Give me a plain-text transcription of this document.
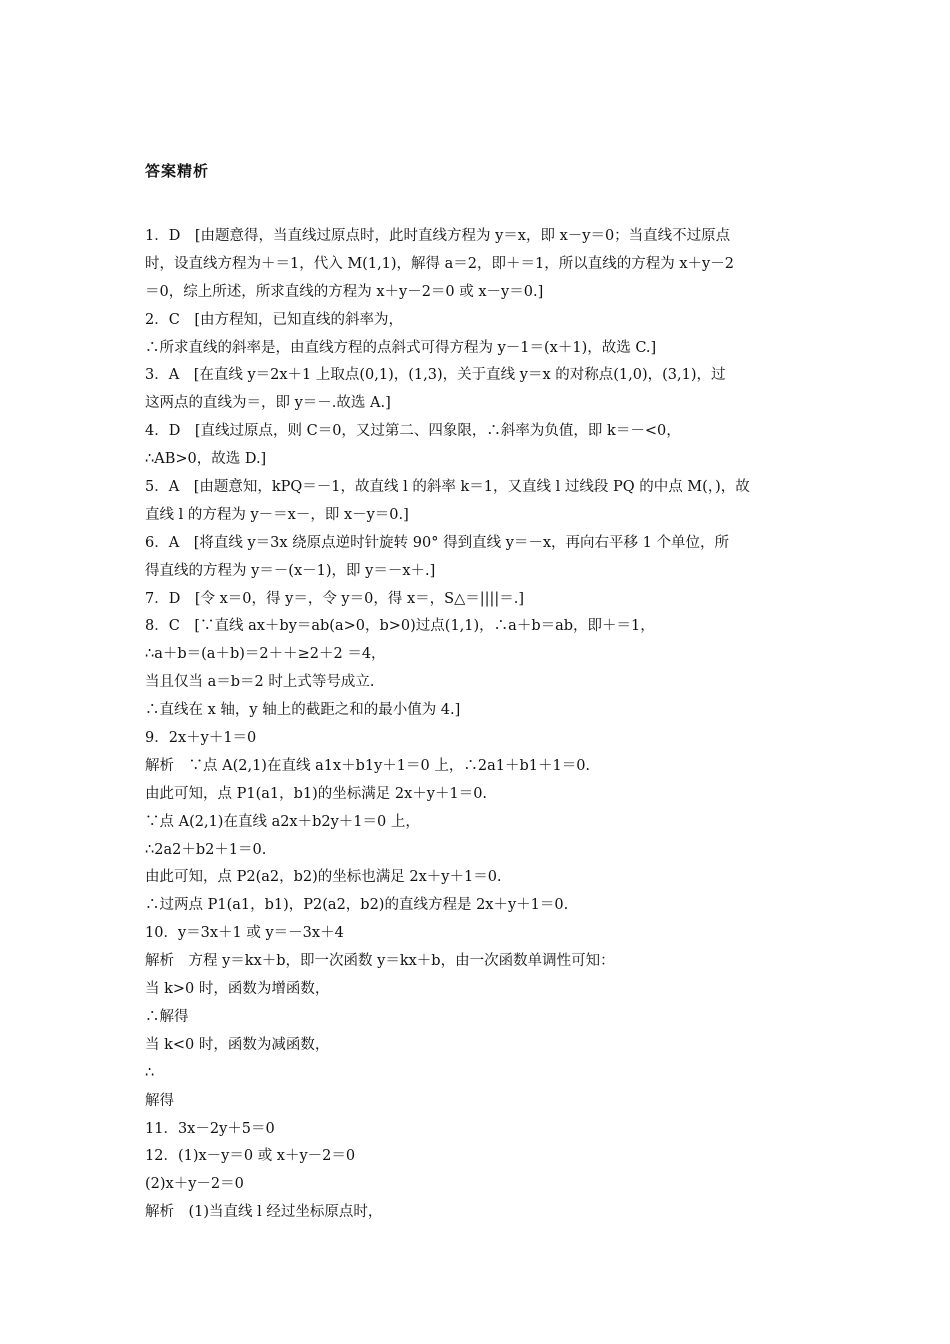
答案精析
1．D　[由题意得，当直线过原点时，此时直线方程为 y＝x，即 x－y＝0；当直线不过原点
时，设直线方程为＋＝1，代入 M(1,1)，解得 a＝2，即＋＝1，所以直线的方程为 x＋y－2
＝0，综上所述，所求直线的方程为 x＋y－2＝0 或 x－y＝0.]
2．C　[由方程知，已知直线的斜率为，
∴所求直线的斜率是，由直线方程的点斜式可得方程为 y－1＝(x＋1)，故选 C.]
3．A　[在直线 y＝2x＋1 上取点(0,1)，(1,3)，关于直线 y＝x 的对称点(1,0)，(3,1)，过
这两点的直线为＝，即 y＝－.故选 A.]
4．D　[直线过原点，则 C＝0，又过第二、四象限，∴斜率为负值，即 k＝－<0，
∴AB>0，故选 D.]
5．A　[由题意知，kPQ＝－1，故直线 l 的斜率 k＝1，又直线 l 过线段 PQ 的中点 M(，)，故
直线 l 的方程为 y－＝x－，即 x－y＝0.]
6．A　[将直线 y＝3x 绕原点逆时针旋转 90° 得到直线 y＝－x，再向右平移 1 个单位，所
得直线的方程为 y＝－(x－1)，即 y＝－x＋.]
7．D　[令 x＝0，得 y＝，令 y＝0，得 x＝，S△＝||||＝.]
8．C　[∵直线 ax＋by＝ab(a>0，b>0)过点(1,1)，∴a＋b＝ab，即＋＝1，
∴a＋b＝(a＋b)＝2＋＋≥2＋2 ＝4，
当且仅当 a＝b＝2 时上式等号成立.
∴直线在 x 轴，y 轴上的截距之和的最小值为 4.]
9．2x＋y＋1＝0
解析　∵点 A(2,1)在直线 a1x＋b1y＋1＝0 上，∴2a1＋b1＋1＝0.
由此可知，点 P1(a1，b1)的坐标满足 2x＋y＋1＝0.
∵点 A(2,1)在直线 a2x＋b2y＋1＝0 上，
∴2a2＋b2＋1＝0.
由此可知，点 P2(a2，b2)的坐标也满足 2x＋y＋1＝0.
∴过两点 P1(a1，b1)，P2(a2，b2)的直线方程是 2x＋y＋1＝0.
10．y＝3x＋1 或 y＝－3x＋4
解析　方程 y＝kx＋b，即一次函数 y＝kx＋b，由一次函数单调性可知：
当 k>0 时，函数为增函数，
∴解得
当 k<0 时，函数为减函数，
∴
解得
11．3x－2y＋5＝0
12．(1)x－y＝0 或 x＋y－2＝0
(2)x＋y－2＝0
解析　(1)当直线 l 经过坐标原点时，
